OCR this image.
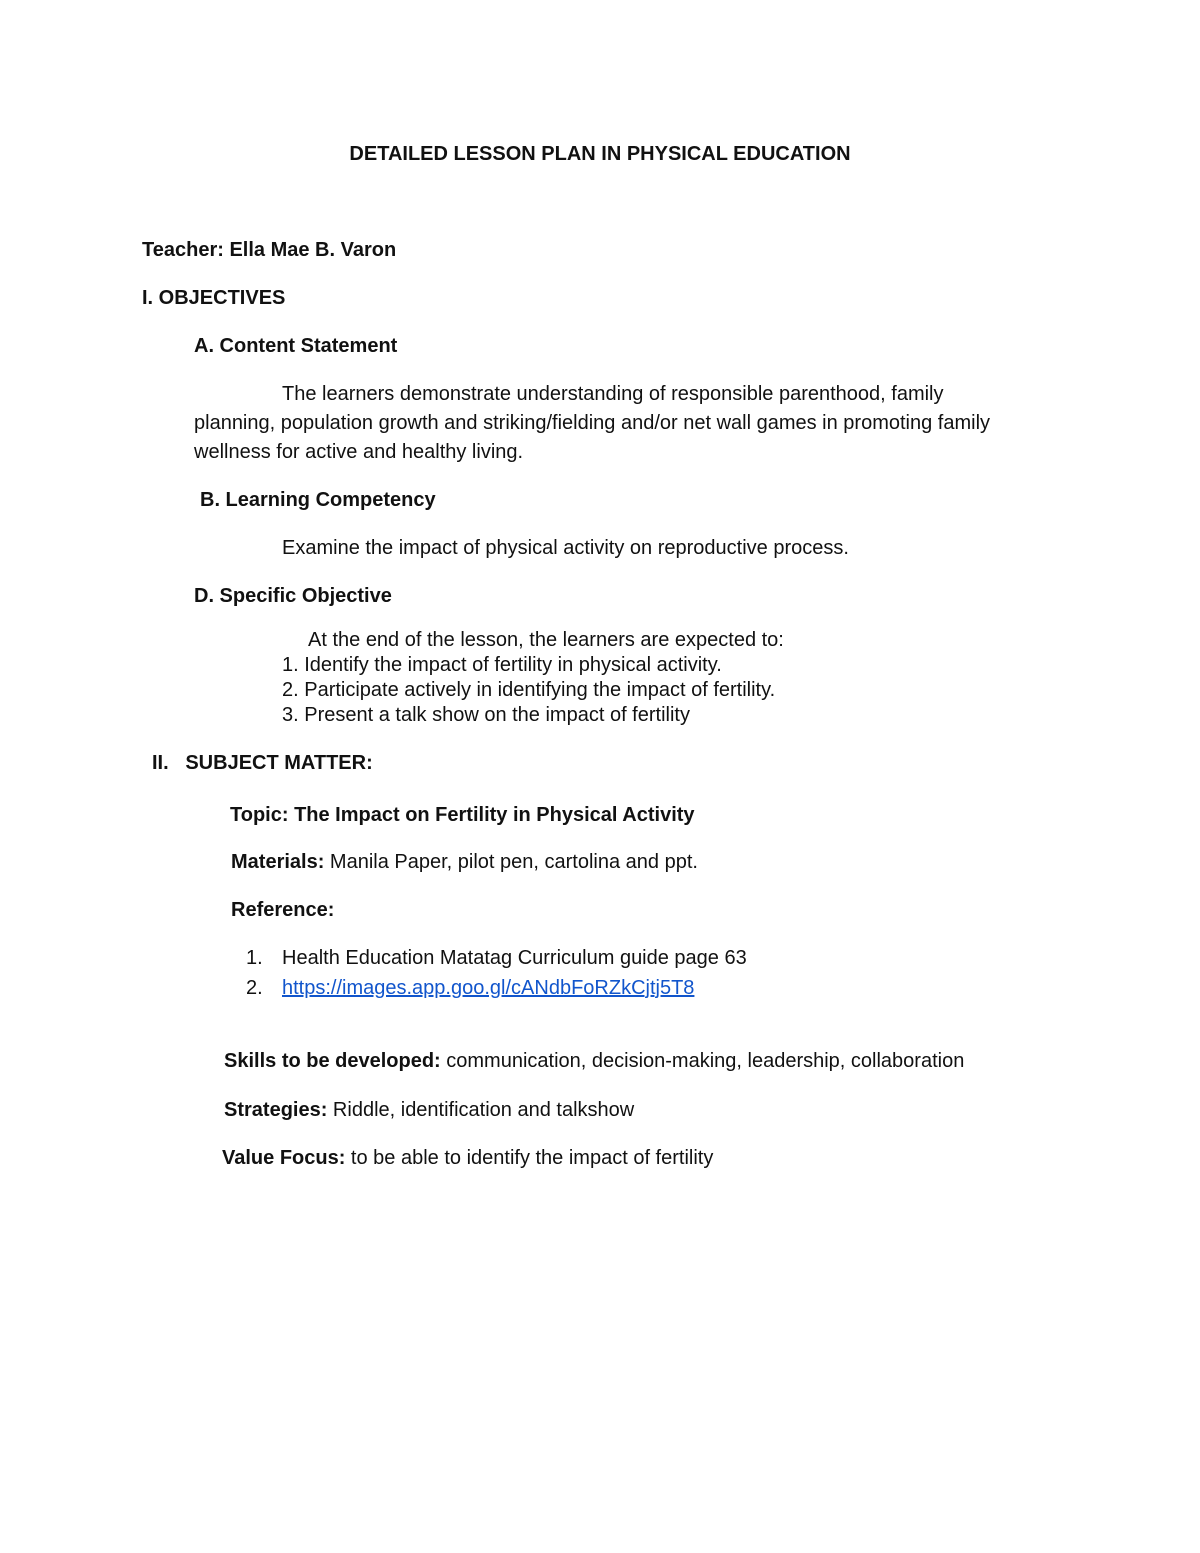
DETAILED LESSON PLAN IN PHYSICAL EDUCATION
Teacher: Ella Mae B. Varon
I. OBJECTIVES
A. Content Statement
The learners demonstrate understanding of responsible parenthood, family
planning, population growth and striking/fielding and/or net wall games in promoting family
wellness for active and healthy living.
B. Learning Competency
Examine the impact of physical activity on reproductive process.
D. Specific Objective
At the end of the lesson, the learners are expected to:
1. Identify the impact of fertility in physical activity.
2. Participate actively in identifying the impact of fertility.
3. Present a talk show on the impact of fertility
II.   SUBJECT MATTER:
Topic: The Impact on Fertility in Physical Activity
Materials: Manila Paper, pilot pen, cartolina and ppt.
Reference:
1. Health Education Matatag Curriculum guide page 63
2. https://images.app.goo.gl/cANdbFoRZkCjtj5T8
Skills to be developed: communication, decision-making, leadership, collaboration
Strategies: Riddle, identification and talkshow
Value Focus: to be able to identify the impact of fertility
